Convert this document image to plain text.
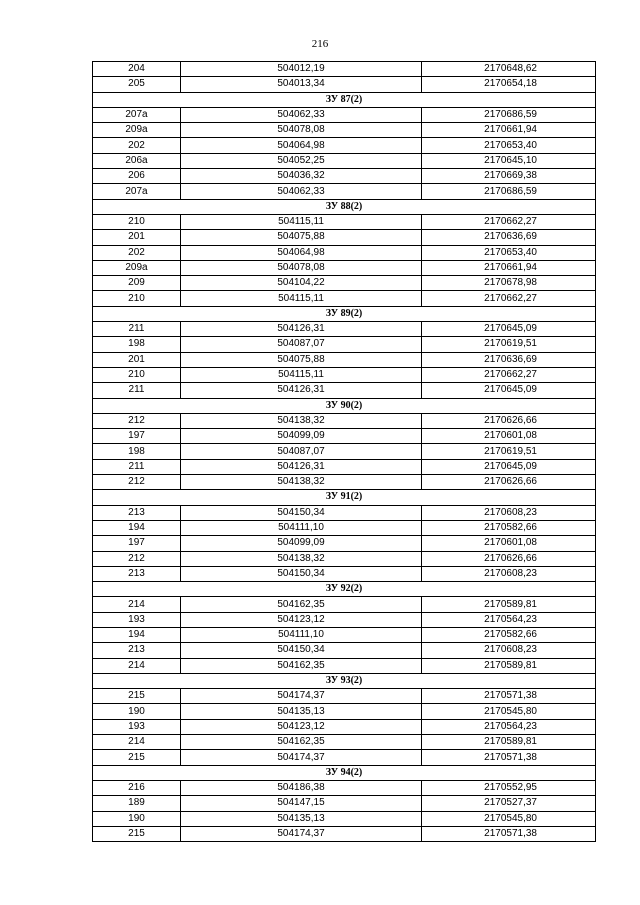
216
204	504012,19	2170648,62
205	504013,34	2170654,18
ЗУ 87(2)		
207а	504062,33	2170686,59
209а	504078,08	2170661,94
202	504064,98	2170653,40
206а	504052,25	2170645,10
206	504036,32	2170669,38
207а	504062,33	2170686,59
ЗУ 88(2)		
210	504115,11	2170662,27
201	504075,88	2170636,69
202	504064,98	2170653,40
209а	504078,08	2170661,94
209	504104,22	2170678,98
210	504115,11	2170662,27
ЗУ 89(2)		
211	504126,31	2170645,09
198	504087,07	2170619,51
201	504075,88	2170636,69
210	504115,11	2170662,27
211	504126,31	2170645,09
ЗУ 90(2)		
212	504138,32	2170626,66
197	504099,09	2170601,08
198	504087,07	2170619,51
211	504126,31	2170645,09
212	504138,32	2170626,66
ЗУ 91(2)		
213	504150,34	2170608,23
194	504111,10	2170582,66
197	504099,09	2170601,08
212	504138,32	2170626,66
213	504150,34	2170608,23
ЗУ 92(2)		
214	504162,35	2170589,81
193	504123,12	2170564,23
194	504111,10	2170582,66
213	504150,34	2170608,23
214	504162,35	2170589,81
ЗУ 93(2)		
215	504174,37	2170571,38
190	504135,13	2170545,80
193	504123,12	2170564,23
214	504162,35	2170589,81
215	504174,37	2170571,38
ЗУ 94(2)		
216	504186,38	2170552,95
189	504147,15	2170527,37
190	504135,13	2170545,80
215	504174,37	2170571,38
